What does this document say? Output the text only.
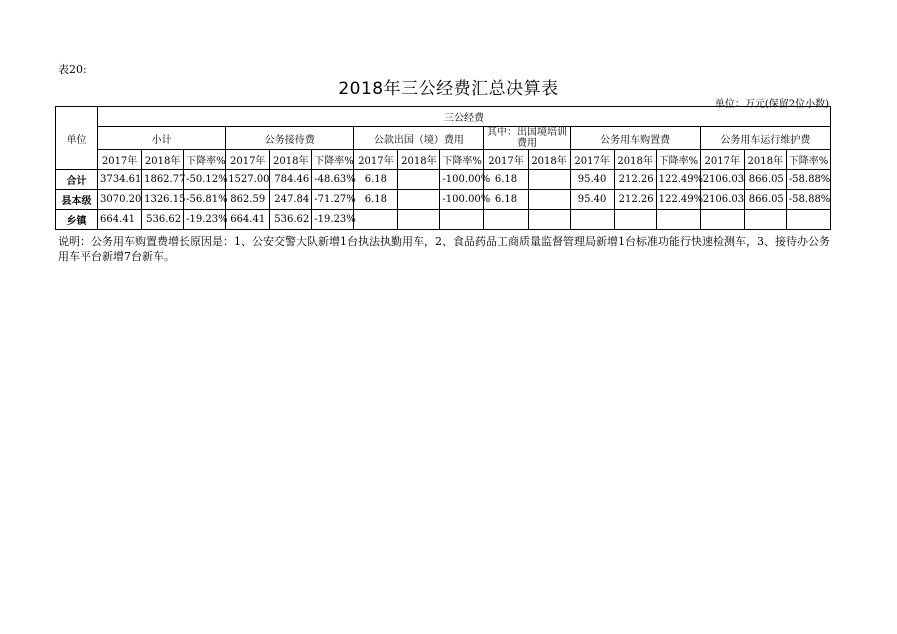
表20:
2018年三公经费汇总决算表
单位：万元(保留2位小数)
单位	三公经费																
	小计			公务接待费			公款出国（境）费用			其中：出国境培训费用		公务用车购置费			公务用车运行维护费		
	2017年	2018年	下降率%	2017年	2018年	下降率%	2017年	2018年	下降率%	2017年	2018年	2017年	2018年	下降率%	2017年	2018年	下降率%
合计	3734.61	1862.77	-50.12%	1527.00	784.46	-48.63%	6.18		-100.00%	6.18		95.40	212.26	122.49%	2106.03	866.05	-58.88%
县本级	3070.20	1326.15	-56.81%	862.59	247.84	-71.27%	6.18		-100.00%	6.18		95.40	212.26	122.49%	2106.03	866.05	-58.88%
乡镇	664.41	536.62	-19.23%	664.41	536.62	-19.23%											
说明：公务用车购置费增长原因是：1、公安交警大队新增1台执法执勤用车，2、食品药品工商质量监督管理局新增1台标准功能行快速检测车，3、接待办公务用车平台新增7台新车。
